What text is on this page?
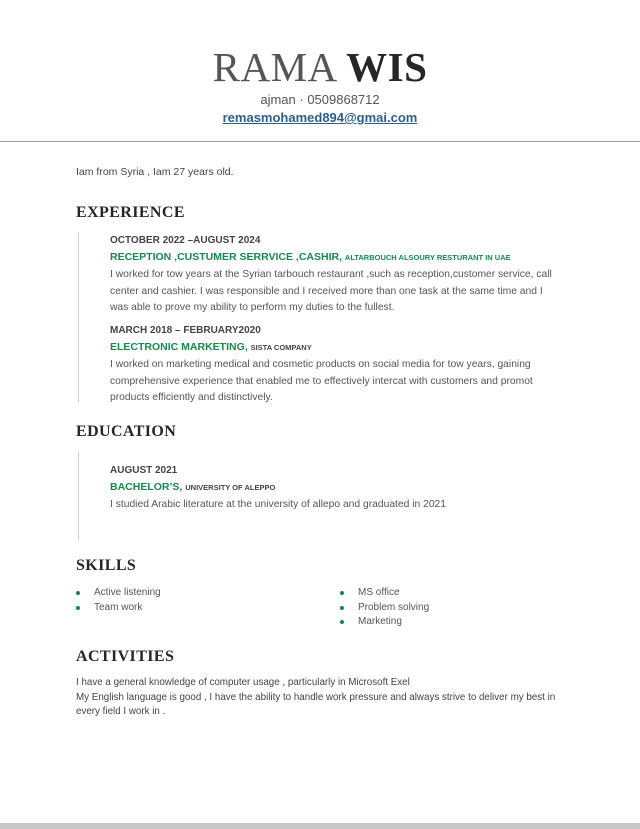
RAMA WIS
ajman · 0509868712
remasmohamed894@gmai.com
Iam from Syria , Iam 27 years old.
EXPERIENCE
OCTOBER 2022 –AUGUST 2024
RECEPTION ,CUSTUMER SERRVICE ,CASHIR, ALTARBOUCH ALSOURY RESTURANT IN UAE
I worked for tow years at the Syrian tarbouch restaurant ,such as reception,customer service, call center and cashier. I was responsible and I received more than one task at the same time and I was able to prove my ability to perform my duties to the fullest.
MARCH 2018 – FEBRUARY2020
ELECTRONIC MARKETING, SISTA COMPANY
I worked on marketing medical and cosmetic products on social media for tow years, gaining comprehensive experience that enabled me to effectively intercat with customers and promot products efficiently and distinctively.
EDUCATION
AUGUST 2021
BACHELOR’S, UNIVERSITY OF ALEPPO
I studied Arabic literature at the university of allepo and graduated in 2021
SKILLS
Active listening
Team work
MS office
Problem solving
Marketing
ACTIVITIES
I have a general knowledge of computer usage , particularly in Microsoft Exel
My English language is good , I have the ability to handle work pressure and always strive to deliver my best in every field I work in .
